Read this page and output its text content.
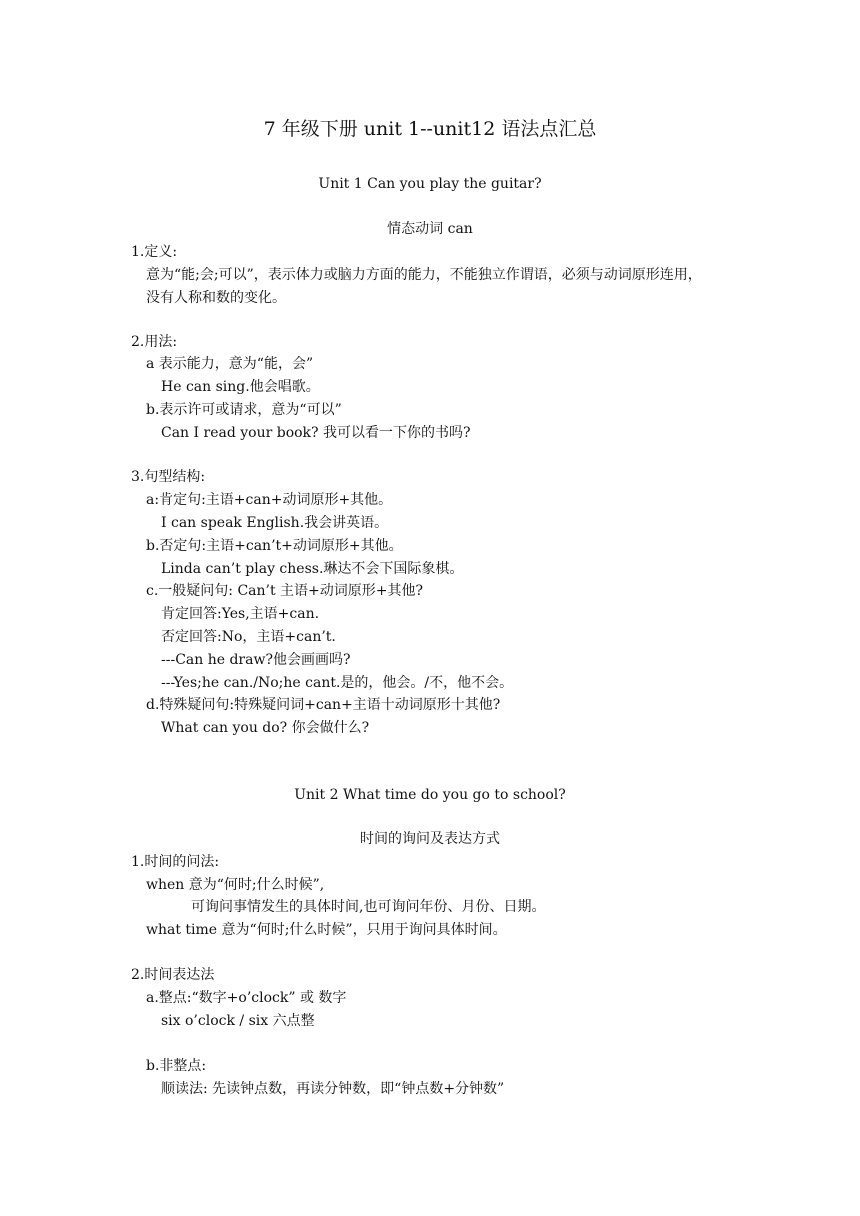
7 年级下册 unit 1--unit12 语法点汇总
Unit 1 Can you play the guitar?
情态动词 can
1.定义:
意为“能;会;可以”，表示体力或脑力方面的能力，不能独立作谓语，必须与动词原形连用，
没有人称和数的变化。
2.用法:
a 表示能力，意为“能，会”
He can sing.他会唱歌。
b.表示许可或请求，意为“可以”
Can I read your book? 我可以看一下你的书吗?
3.句型结构:
a:肯定句:主语+can+动词原形+其他。
I can speak English.我会讲英语。
b.否定句:主语+can’t+动词原形+其他。
Linda can’t play chess.琳达不会下国际象棋。
c.一般疑问句: Can’t 主语+动词原形+其他?
肯定回答:Yes,主语+can.
否定回答:No，主语+can’t.
---Can he draw?他会画画吗?
---Yes;he can./No;he cant.是的，他会。/不，他不会。
d.特殊疑问句:特殊疑问词+can+主语十动词原形十其他?
What can you do? 你会做什么?
Unit 2 What time do you go to school?
时间的询问及表达方式
1.时间的问法:
when 意为“何时;什么时候”,
可询问事情发生的具体时间,也可询问年份、月份、日期。
what time 意为“何时;什么时候”，只用于询问具体时间。
2.时间表达法
a.整点:“数字+o’clock” 或 数字
six o’clock / six 六点整
b.非整点:
顺读法: 先读钟点数，再读分钟数，即“钟点数+分钟数”
